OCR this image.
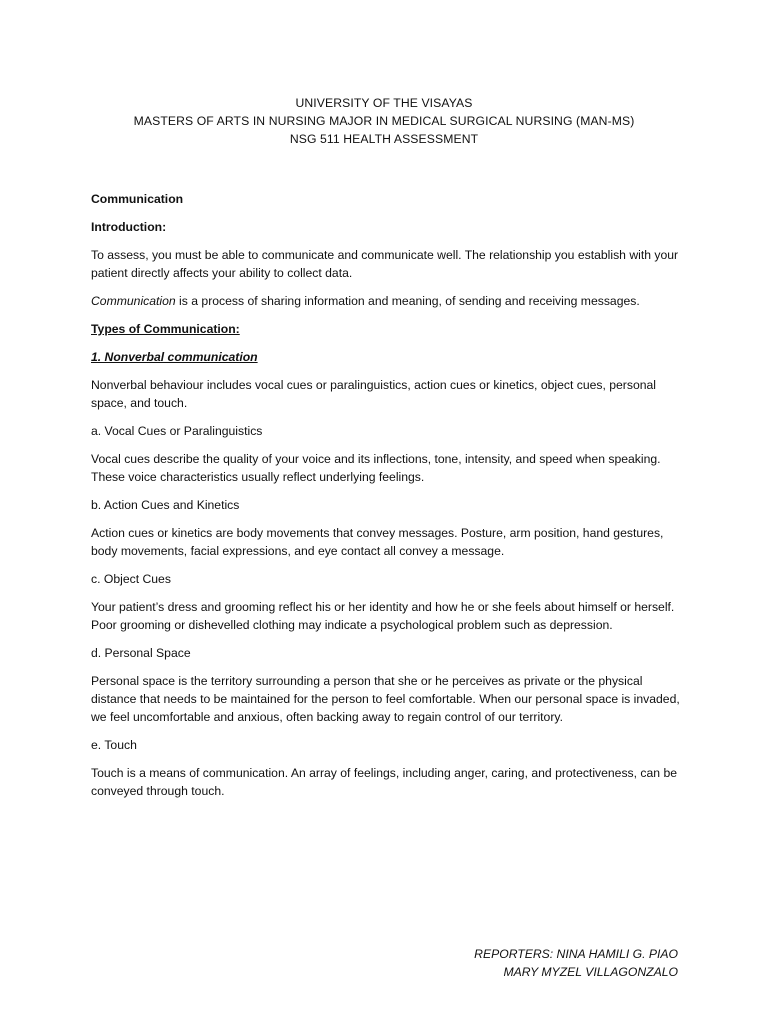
UNIVERSITY OF THE VISAYAS
MASTERS OF ARTS IN NURSING MAJOR IN MEDICAL SURGICAL NURSING (MAN-MS)
NSG 511 HEALTH ASSESSMENT

Communication

Introduction:

To assess, you must be able to communicate and communicate well. The relationship you establish with your patient directly affects your ability to collect data.

Communication is a process of sharing information and meaning, of sending and receiving messages.

Types of Communication:

1. Nonverbal communication

Nonverbal behaviour includes vocal cues or paralinguistics, action cues or kinetics, object cues, personal space, and touch.

a. Vocal Cues or Paralinguistics

Vocal cues describe the quality of your voice and its inflections, tone, intensity, and speed when speaking. These voice characteristics usually reflect underlying feelings.

b. Action Cues and Kinetics

Action cues or kinetics are body movements that convey messages. Posture, arm position, hand gestures, body movements, facial expressions, and eye contact all convey a message.

c. Object Cues

Your patient’s dress and grooming reflect his or her identity and how he or she feels about himself or herself. Poor grooming or dishevelled clothing may indicate a psychological problem such as depression.

d. Personal Space

Personal space is the territory surrounding a person that she or he perceives as private or the physical distance that needs to be maintained for the person to feel comfortable. When our personal space is invaded, we feel uncomfortable and anxious, often backing away to regain control of our territory.

e. Touch

Touch is a means of communication. An array of feelings, including anger, caring, and protectiveness, can be conveyed through touch.

REPORTERS: NINA HAMILI G. PIAO
MARY MYZEL VILLAGONZALO
